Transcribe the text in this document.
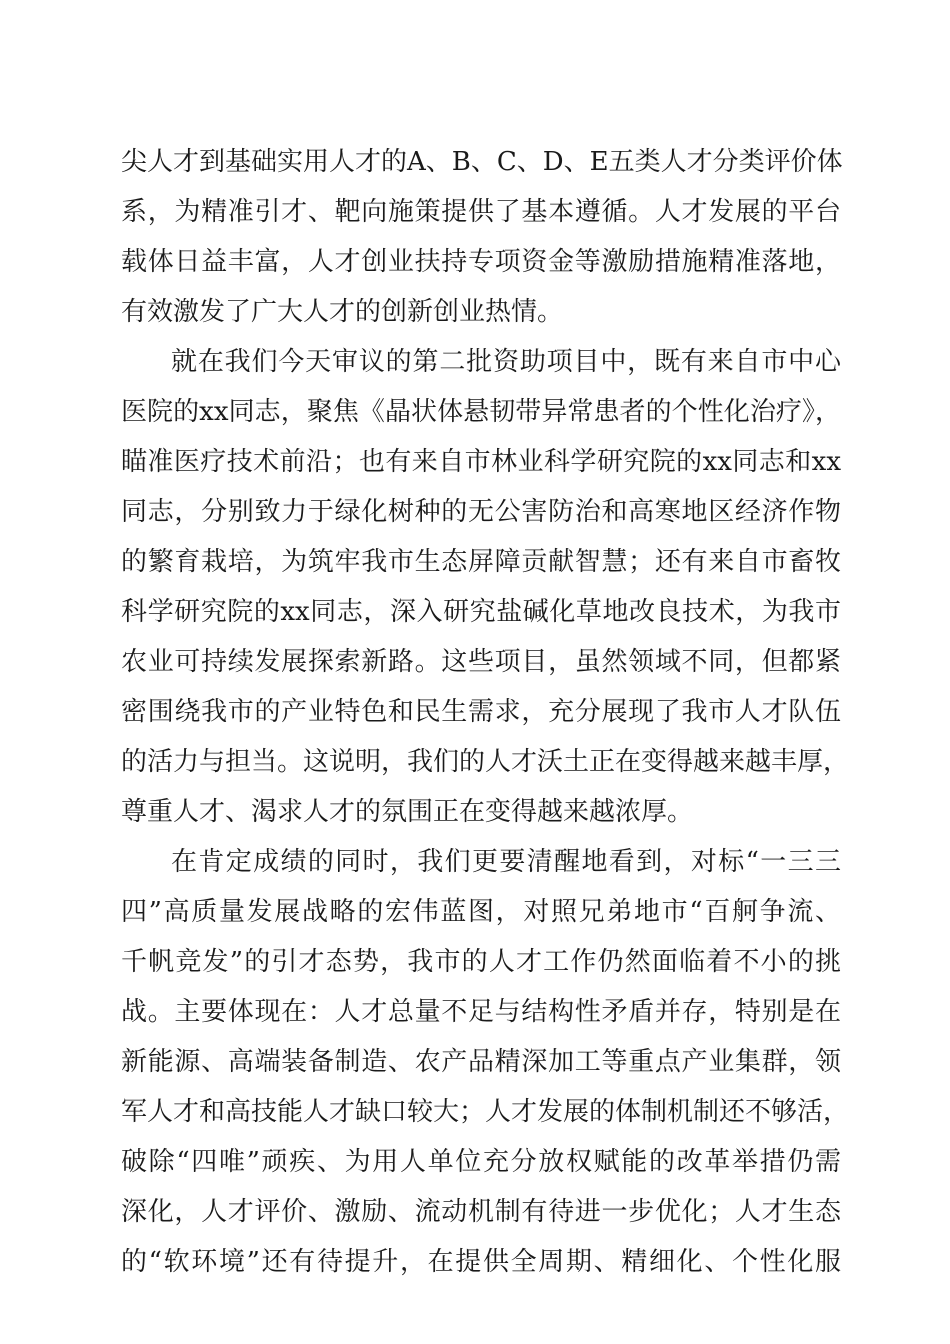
尖人才到基础实用人才的A、B、C、D、E五类人才分类评价体
系，为精准引才、靶向施策提供了基本遵循。人才发展的平台
载体日益丰富，人才创业扶持专项资金等激励措施精准落地，
有效激发了广大人才的创新创业热情。
就在我们今天审议的第二批资助项目中，既有来自市中心
医院的xx同志，聚焦《晶状体悬韧带异常患者的个性化治疗》，
瞄准医疗技术前沿；也有来自市林业科学研究院的xx同志和xx
同志，分别致力于绿化树种的无公害防治和高寒地区经济作物
的繁育栽培，为筑牢我市生态屏障贡献智慧；还有来自市畜牧
科学研究院的xx同志，深入研究盐碱化草地改良技术，为我市
农业可持续发展探索新路。这些项目，虽然领域不同，但都紧
密围绕我市的产业特色和民生需求，充分展现了我市人才队伍
的活力与担当。这说明，我们的人才沃土正在变得越来越丰厚，
尊重人才、渴求人才的氛围正在变得越来越浓厚。
在肯定成绩的同时，我们更要清醒地看到，对标“一三三
四”高质量发展战略的宏伟蓝图，对照兄弟地市“百舸争流、
千帆竞发”的引才态势，我市的人才工作仍然面临着不小的挑
战。主要体现在：人才总量不足与结构性矛盾并存，特别是在
新能源、高端装备制造、农产品精深加工等重点产业集群，领
军人才和高技能人才缺口较大；人才发展的体制机制还不够活，
破除“四唯”顽疾、为用人单位充分放权赋能的改革举措仍需
深化，人才评价、激励、流动机制有待进一步优化；人才生态
的“软环境”还有待提升，在提供全周期、精细化、个性化服
